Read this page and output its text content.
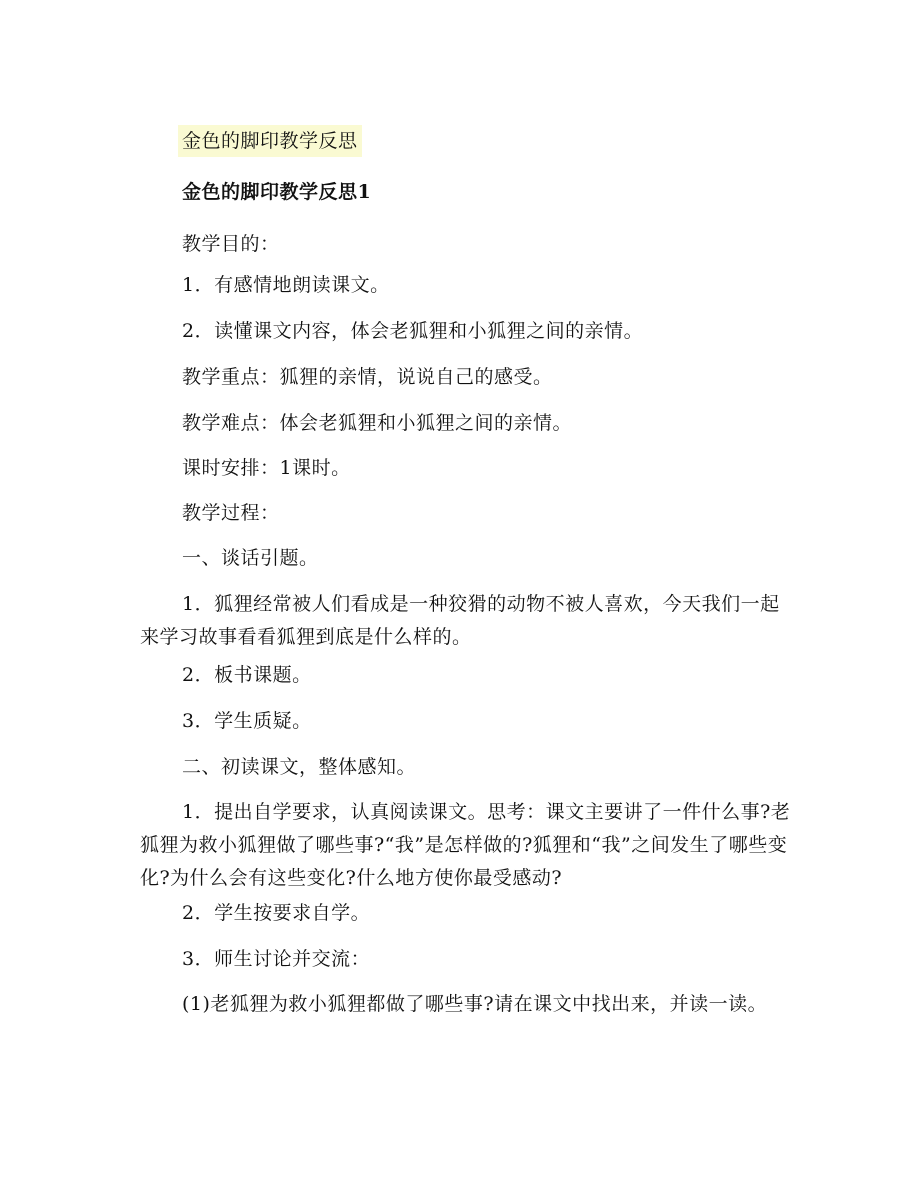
金色的脚印教学反思
金色的脚印教学反思1

教学目的：

1．有感情地朗读课文。

2．读懂课文内容，体会老狐狸和小狐狸之间的亲情。

教学重点：狐狸的亲情，说说自己的感受。

教学难点：体会老狐狸和小狐狸之间的亲情。

课时安排：1课时。

教学过程：

一、谈话引题。

1．狐狸经常被人们看成是一种狡猾的动物不被人喜欢，今天我们一起来学习故事看看狐狸到底是什么样的。

2．板书课题。

3．学生质疑。

二、初读课文，整体感知。

1．提出自学要求，认真阅读课文。思考：课文主要讲了一件什么事?老狐狸为救小狐狸做了哪些事?“我”是怎样做的?狐狸和“我”之间发生了哪些变化?为什么会有这些变化?什么地方使你最受感动?

2．学生按要求自学。

3．师生讨论并交流：

(1)老狐狸为救小狐狸都做了哪些事?请在课文中找出来，并读一读。
